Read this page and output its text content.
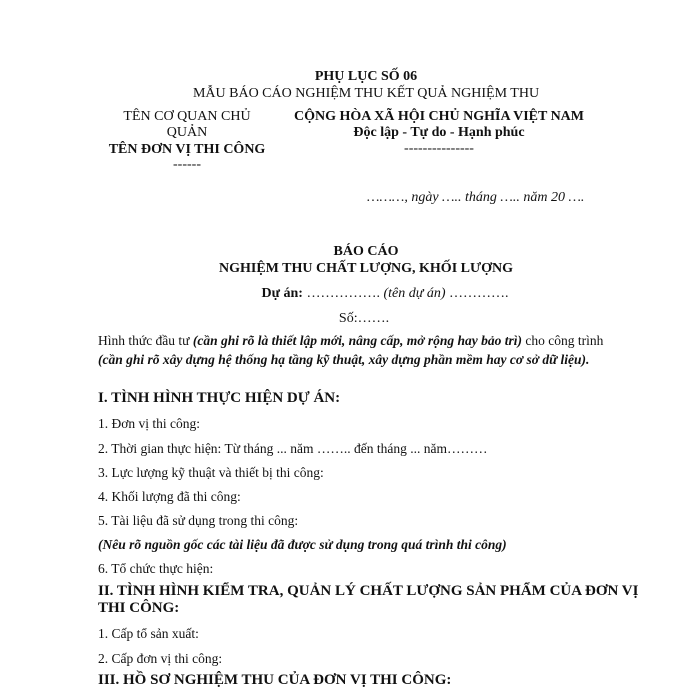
PHỤ LỤC SỐ 06
MẪU BÁO CÁO NGHIỆM THU KẾT QUẢ NGHIỆM THU
TÊN CƠ QUAN CHỦ
QUẢN
TÊN ĐƠN VỊ THI CÔNG
------
CỘNG HÒA XÃ HỘI CHỦ NGHĨA VIỆT NAM
Độc lập - Tự do - Hạnh phúc
---------------
………, ngày ….. tháng ….. năm 20 ….
BÁO CÁO
NGHIỆM THU CHẤT LƯỢNG, KHỐI LƯỢNG
Dự án: ……………. (tên dự án) ………….
Số:…….
Hình thức đầu tư (cần ghi rõ là thiết lập mới, nâng cấp, mở rộng hay bảo trì) cho công trình (cần ghi rõ xây dựng hệ thống hạ tầng kỹ thuật, xây dựng phần mềm hay cơ sở dữ liệu).
I. TÌNH HÌNH THỰC HIỆN DỰ ÁN:
1. Đơn vị thi công:
2. Thời gian thực hiện: Từ tháng ... năm …….. đến tháng ... năm………
3. Lực lượng kỹ thuật và thiết bị thi công:
4. Khối lượng đã thi công:
5. Tài liệu đã sử dụng trong thi công:
(Nêu rõ nguồn gốc các tài liệu đã được sử dụng trong quá trình thi công)
6. Tổ chức thực hiện:
II. TÌNH HÌNH KIỂM TRA, QUẢN LÝ CHẤT LƯỢNG SẢN PHẨM CỦA ĐƠN VỊ
THI CÔNG:
1. Cấp tổ sản xuất:
2. Cấp đơn vị thi công:
III. HỒ SƠ NGHIỆM THU CỦA ĐƠN VỊ THI CÔNG:
